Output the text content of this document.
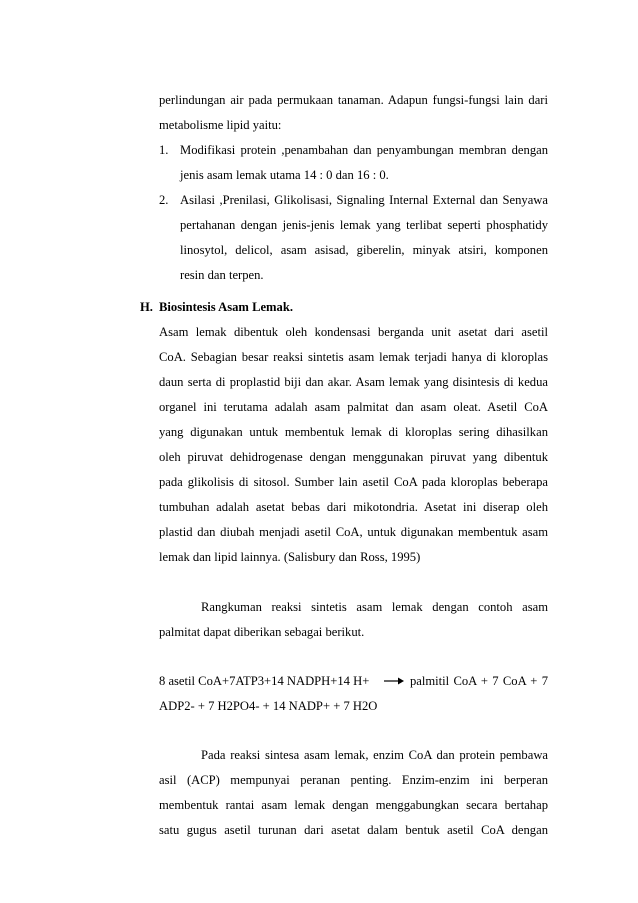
perlindungan air pada permukaan tanaman. Adapun fungsi-fungsi lain dari
metabolisme lipid yaitu:
1. Modifikasi protein ,penambahan dan penyambungan membran dengan
jenis asam lemak utama 14 : 0 dan 16 : 0.
2. Asilasi ,Prenilasi, Glikolisasi, Signaling Internal External dan Senyawa
pertahanan dengan jenis-jenis lemak yang terlibat seperti phosphatidy
linosytol, delicol, asam asisad, giberelin, minyak atsiri, komponen
resin dan terpen.
H. Biosintesis Asam Lemak.
Asam lemak dibentuk oleh kondensasi berganda unit asetat dari asetil
CoA. Sebagian besar reaksi sintetis asam lemak terjadi hanya di kloroplas
daun serta di proplastid biji dan akar. Asam lemak yang disintesis di kedua
organel ini terutama adalah asam palmitat dan asam oleat. Asetil CoA
yang digunakan untuk membentuk lemak di kloroplas sering dihasilkan
oleh piruvat dehidrogenase dengan menggunakan piruvat yang dibentuk
pada glikolisis di sitosol. Sumber lain asetil CoA pada kloroplas beberapa
tumbuhan adalah asetat bebas dari mikotondria. Asetat ini diserap oleh
plastid dan diubah menjadi asetil CoA, untuk digunakan membentuk asam
lemak dan lipid lainnya. (Salisbury dan Ross, 1995)
Rangkuman reaksi sintetis asam lemak dengan contoh asam
palmitat dapat diberikan sebagai berikut.
8 asetil CoA+7ATP3+14 NADPH+14 H+ → palmitil CoA + 7 CoA + 7
ADP2- + 7 H2PO4- + 14 NADP+ + 7 H2O
Pada reaksi sintesa asam lemak, enzim CoA dan protein pembawa
asil (ACP) mempunyai peranan penting. Enzim-enzim ini berperan
membentuk rantai asam lemak dengan menggabungkan secara bertahap
satu gugus asetil turunan dari asetat dalam bentuk asetil CoA dengan
